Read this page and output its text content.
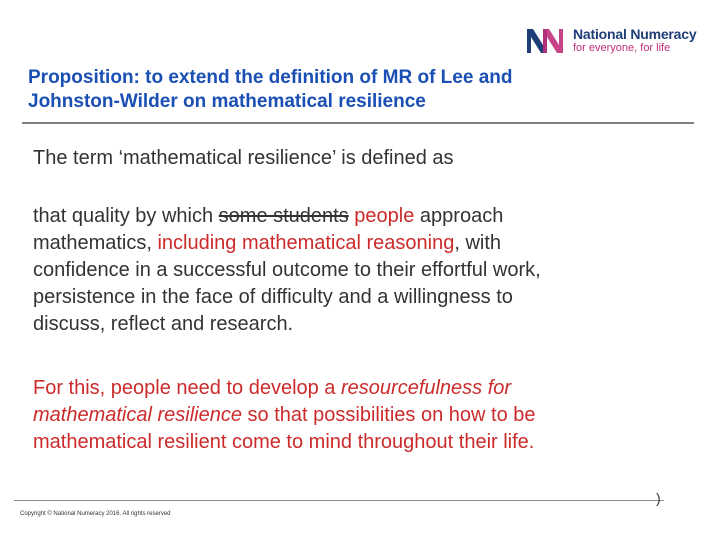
National Numeracy
for everyone, for life
Proposition: to extend the definition of MR of Lee and
Johnston-Wilder on mathematical resilience
The term ‘mathematical resilience’ is defined as
that quality by which some students people approach
mathematics, including mathematical reasoning, with
confidence in a successful outcome to their effortful work,
persistence in the face of difficulty and a willingness to
discuss, reflect and research.
For this, people need to develop a resourcefulness for
mathematical resilience so that possibilities on how to be
mathematical resilient come to mind throughout their life.
Copyright © National Numeracy 2016. All rights reserved
)
